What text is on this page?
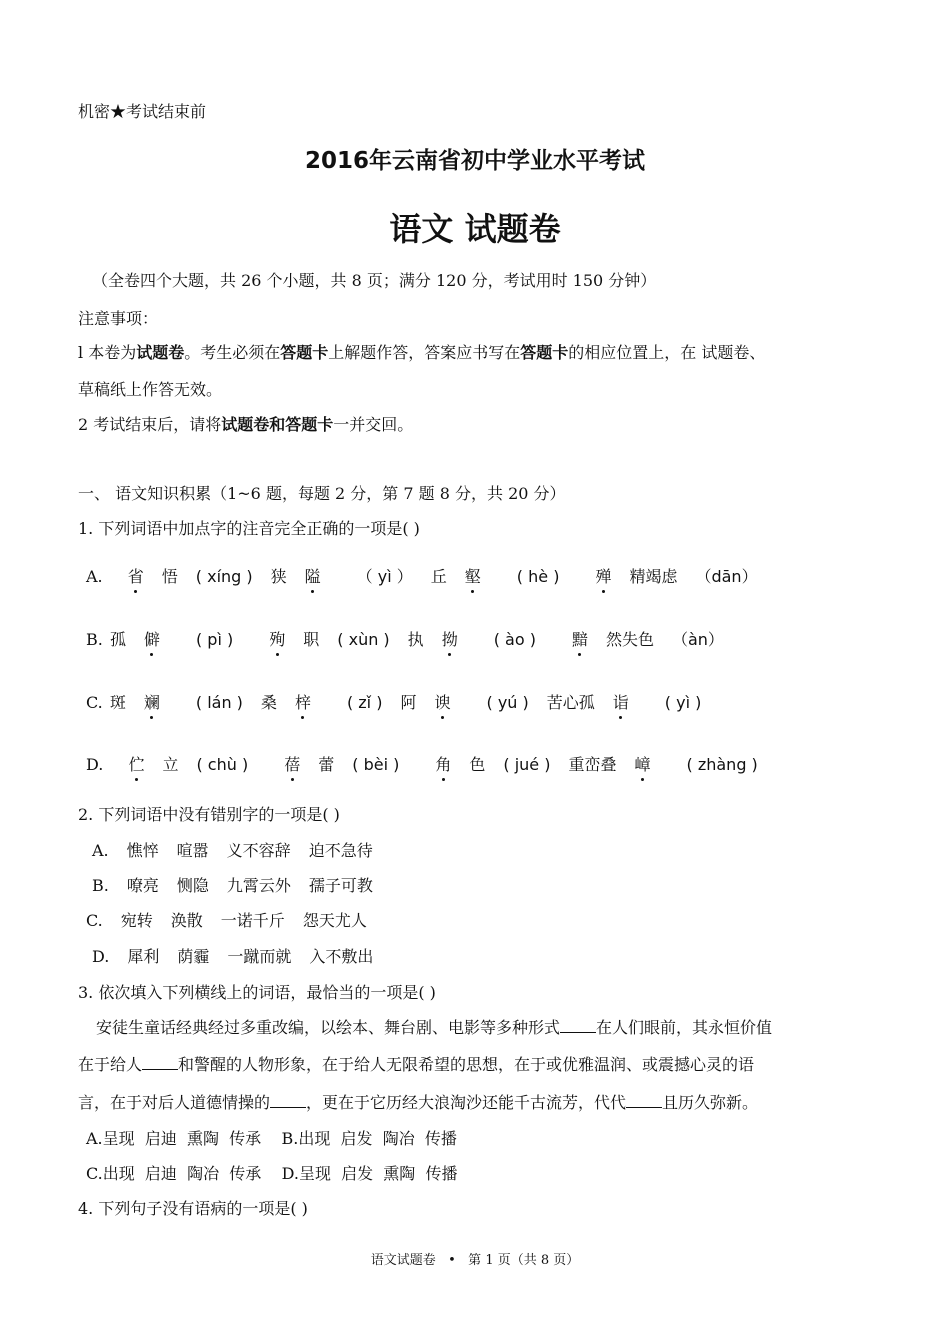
机密★考试结束前
2016年云南省初中学业水平考试
语文 试题卷
（全卷四个大题，共 26 个小题，共 8 页；满分 120 分，考试用时 150 分钟）
注意事项：
l 本卷为试题卷。考生必须在答题卡上解题作答，答案应书写在答题卡的相应位置上，在 试题卷、
草稿纸上作答无效。
2 考试结束后，请将试题卷和答题卡一并交回。
一、 语文知识积累（1~6 题，每题 2 分，第 7 题 8 分，共 20 分）
1. 下列词语中加点字的注音完全正确的一项是( )
A. 省 悟 ( xíng ) 狭 隘 （ yì ） 丘 壑 ( hè ) 殚 精竭虑 （dān）
B. 孤 僻 ( pì ) 殉 职 ( xùn ) 执 拗 ( ào ) 黯 然失色 （àn）
C. 斑 斓 ( lán ) 桑 梓 ( zǐ ) 阿 谀 ( yú ) 苦心孤 诣 ( yì )
D. 伫 立 ( chù ) 蓓 蕾 ( bèi ) 角 色 ( jué ) 重峦叠 嶂 ( zhàng )
2. 下列词语中没有错别字的一项是( )
A. 憔悴 喧嚣 义不容辞 迫不急待
B. 嘹亮 恻隐 九霄云外 孺子可教
C. 宛转 涣散 一诺千斤 怨天尤人
D. 犀利 荫霾 一蹴而就 入不敷出
3. 依次填入下列横线上的词语，最恰当的一项是( )
安徒生童话经典经过多重改编，以绘本、舞台剧、电影等多种形式 在人们眼前，其永恒价值
在于给人 和警醒的人物形象，在于给人无限希望的思想，在于或优雅温润、或震撼心灵的语
言，在于对后人道德情操的 ，更在于它历经大浪淘沙还能千古流芳，代代 且历久弥新。
A.呈现  启迪  熏陶  传承    B.出现  启发  陶冶  传播
C.出现  启迪  陶冶  传承    D.呈现  启发  熏陶  传播
4. 下列句子没有语病的一项是( )
语文试题卷   •   第 1 页（共 8 页）
